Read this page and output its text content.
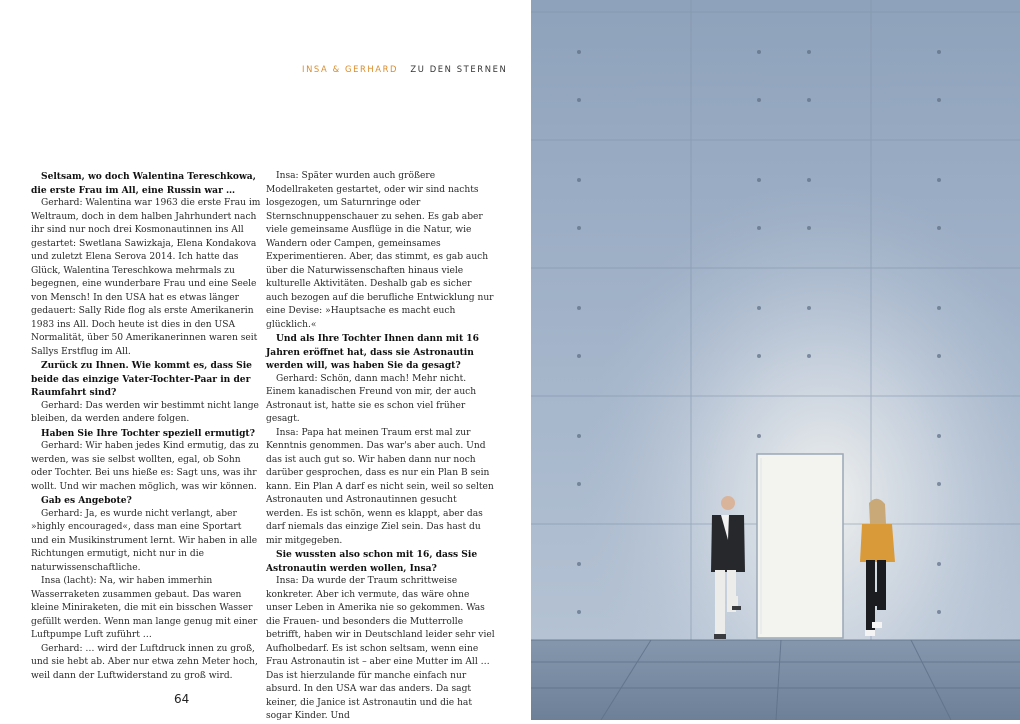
INSA & GERHARD ZU DEN STERNEN

Seltsam, wo doch Walentina Tereschkowa, die erste Frau im All, eine Russin war …

Gerhard: Walentina war 1963 die erste Frau im Weltraum, doch in dem halben Jahrhundert nach ihr sind nur noch drei Kosmonautinnen ins All gestartet: Swetlana Sawizkaja, Elena Kondakova und zuletzt Elena Serova 2014. Ich hatte das Glück, Walentina Tereschkowa mehrmals zu begegnen, eine wunderbare Frau und eine Seele von Mensch! In den USA hat es etwas länger gedauert: Sally Ride flog als erste Amerikanerin 1983 ins All. Doch heute ist dies in den USA Normalität, über 50 Amerikanerinnen waren seit Sallys Erstflug im All.

Zurück zu Ihnen. Wie kommt es, dass Sie beide das einzige Vater-Tochter-Paar in der Raumfahrt sind?

Gerhard: Das werden wir bestimmt nicht lange bleiben, da werden andere folgen.

Haben Sie Ihre Tochter speziell ermutigt?

Gerhard: Wir haben jedes Kind ermutig, das zu werden, was sie selbst wollten, egal, ob Sohn oder Tochter. Bei uns hieße es: Sagt uns, was ihr wollt. Und wir machen möglich, was wir können.

Gab es Angebote?

Gerhard: Ja, es wurde nicht verlangt, aber »highly encouraged«, dass man eine Sportart und ein Musikinstrument lernt. Wir haben in alle Richtungen ermutigt, nicht nur in die naturwissenschaftliche.

Insa (lacht): Na, wir haben immerhin Wasserraketen zusammen gebaut. Das waren kleine Miniraketen, die mit ein bisschen Wasser gefüllt werden. Wenn man lange genug mit einer Luftpumpe Luft zuführt …

Gerhard: … wird der Luftdruck innen zu groß, und sie hebt ab. Aber nur etwa zehn Meter hoch, weil dann der Luftwiderstand zu groß wird.

Insa: Später wurden auch größere Modellraketen gestartet, oder wir sind nachts losgezogen, um Saturnringe oder Sternschnuppenschauer zu sehen. Es gab aber viele gemeinsame Ausflüge in die Natur, wie Wandern oder Campen, gemeinsames Experimentieren. Aber, das stimmt, es gab auch über die Naturwissenschaften hinaus viele kulturelle Aktivitäten. Deshalb gab es sicher auch bezogen auf die berufliche Entwicklung nur eine Devise: »Hauptsache es macht euch glücklich.«

Und als Ihre Tochter Ihnen dann mit 16 Jahren eröffnet hat, dass sie Astronautin werden will, was haben Sie da gesagt?

Gerhard: Schön, dann mach! Mehr nicht. Einem kanadischen Freund von mir, der auch Astronaut ist, hatte sie es schon viel früher gesagt.

Insa: Papa hat meinen Traum erst mal zur Kenntnis genommen. Das war's aber auch. Und das ist auch gut so. Wir haben dann nur noch darüber gesprochen, dass es nur ein Plan B sein kann. Ein Plan A darf es nicht sein, weil so selten Astronauten und Astronautinnen gesucht werden. Es ist schön, wenn es klappt, aber das darf niemals das einzige Ziel sein. Das hast du mir mitgegeben.

Sie wussten also schon mit 16, dass Sie Astronautin werden wollen, Insa?

Insa: Da wurde der Traum schrittweise konkreter. Aber ich vermute, das wäre ohne unser Leben in Amerika nie so gekommen. Was die Frauen- und besonders die Mutterrolle betrifft, haben wir in Deutschland leider sehr viel Aufholbedarf. Es ist schon seltsam, wenn eine Frau Astronautin ist – aber eine Mutter im All … Das ist hierzulande für manche einfach nur absurd. In den USA war das anders. Da sagt keiner, die Janice ist Astronautin und die hat sogar Kinder. Und

64
